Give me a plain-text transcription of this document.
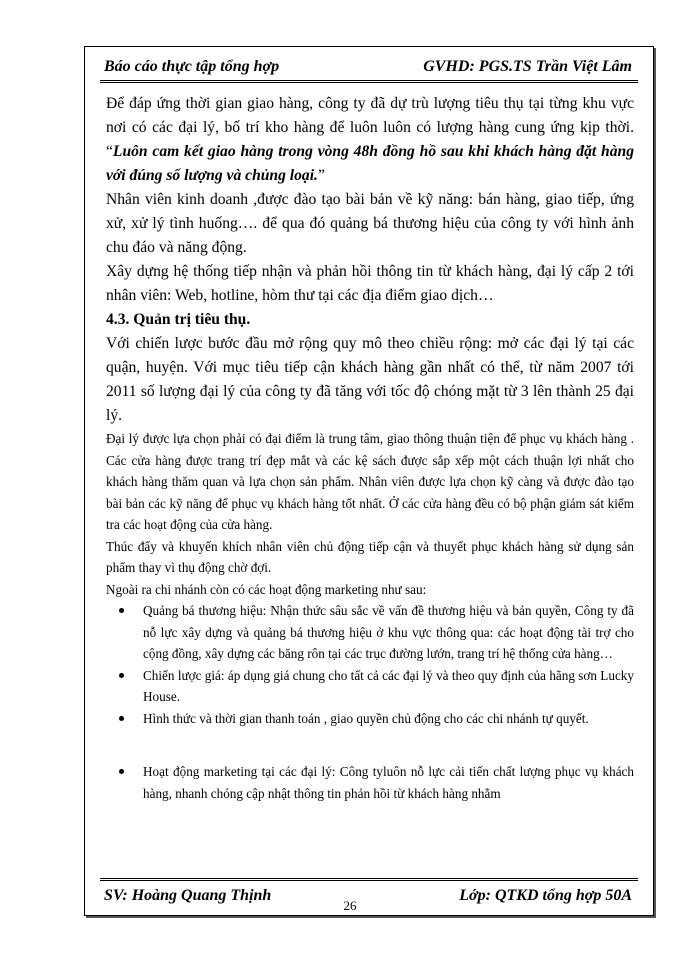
Báo cáo thực tập tổng hợp	GVHD: PGS.TS Trần Việt Lâm

Để đáp ứng thời gian giao hàng, công ty đã dự trù lượng tiêu thụ tại từng khu vực nơi có các đại lý, bố trí kho hàng để luôn luôn có lượng hàng cung ứng kịp thời. “Luôn cam kết giao hàng trong vòng 48h đồng hồ sau khi khách hàng đặt hàng với đúng số lượng và chủng loại.”

Nhân viên kinh doanh ,được đào tạo bài bản về kỹ năng: bán hàng, giao tiếp, ứng xử, xử lý tình huống…. để qua đó quảng bá thương hiệu của công ty với hình ảnh chu đáo và năng động.

Xây dựng hệ thống tiếp nhận và phản hồi thông tin từ khách hàng, đại lý cấp 2 tới nhân viên: Web, hotline, hòm thư tại các địa điểm giao dịch…

4.3. Quản trị tiêu thụ.

Với chiến lược bước đầu mở rộng quy mô theo chiều rộng: mở các đại lý tại các quận, huyện. Với mục tiêu tiếp cận khách hàng gần nhất có thể, từ năm 2007 tới 2011 số lượng đại lý của công ty đã tăng với tốc độ chóng mặt từ 3 lên thành 25 đại lý.

Đại lý được lựa chọn phải có đại điểm là trung tâm, giao thông thuận tiện để phục vụ khách hàng . Các cửa hàng được trang trí đẹp mắt và các kệ sách được sắp xếp một cách thuận lợi nhất cho khách hàng thăm quan và lựa chọn sản phẩm. Nhân viên được lựa chọn kỹ càng và được đào tạo bài bản các kỹ năng để phục vụ khách hàng tốt nhất. Ở các cửa hàng đều có bộ phận giám sát kiểm tra các hoạt động của cửa hàng.

Thúc đẩy và khuyến khích nhân viên chủ động tiếp cận và thuyết phục khách hàng sử dụng sản phẩm thay vì thụ động chờ đợi.

Ngoài ra chi nhánh còn có các hoạt động marketing như sau:

Quảng bá thương hiệu: Nhận thức sâu sắc về vấn đề thương hiệu và bản quyền, Công ty đã nỗ lực xây dựng và quảng bá thương hiệu ở khu vực thông qua: các hoạt động tài trợ cho cộng đồng, xây dựng các băng rôn tại các trục đường lướn, trang trí hệ thống cửa hàng…
Chiến lược giá: áp dụng giá chung cho tất cả các đại lý và theo quy định của hãng sơn Lucky House.
Hình thức và thời gian thanh toán , giao quyền chủ động cho các chi nhánh tự quyết.
Hoạt động marketing tại các đại lý: Công tyluôn nỗ lực cải tiến chất lượng phục vụ khách hàng, nhanh chóng cập nhật thông tin phản hồi từ khách hàng nhằm
SV: Hoàng Quang Thịnh	Lớp: QTKD tổng hợp 50A
26
